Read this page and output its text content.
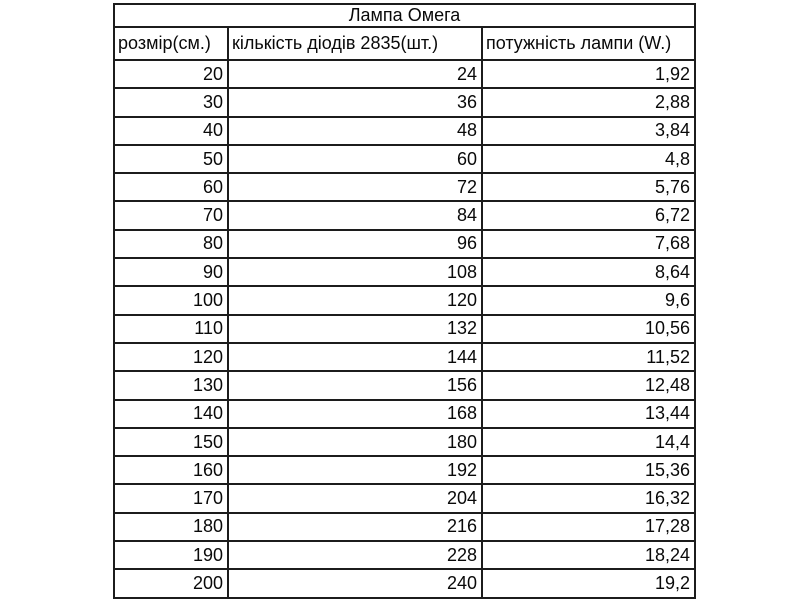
Лампа Омега		
розмір(см.)	кількість діодів 2835(шт.)	потужність лампи (W.)
20	24	1,92
30	36	2,88
40	48	3,84
50	60	4,8
60	72	5,76
70	84	6,72
80	96	7,68
90	108	8,64
100	120	9,6
110	132	10,56
120	144	11,52
130	156	12,48
140	168	13,44
150	180	14,4
160	192	15,36
170	204	16,32
180	216	17,28
190	228	18,24
200	240	19,2
